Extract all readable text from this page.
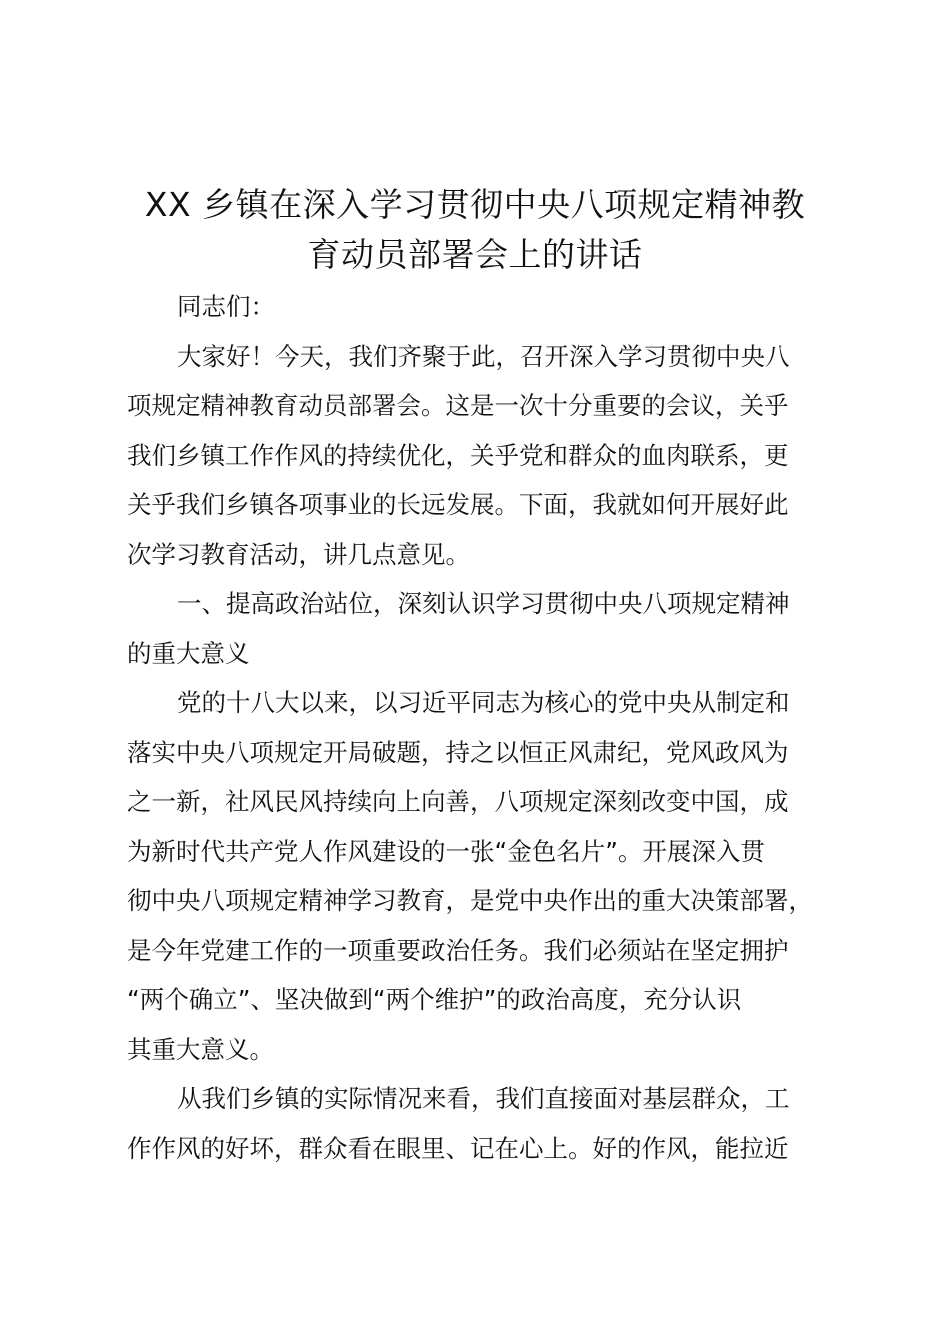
XX 乡镇在深入学习贯彻中央八项规定精神教
育动员部署会上的讲话
同志们：
大家好！今天，我们齐聚于此，召开深入学习贯彻中央八
项规定精神教育动员部署会。这是一次十分重要的会议，关乎
我们乡镇工作作风的持续优化，关乎党和群众的血肉联系，更
关乎我们乡镇各项事业的长远发展。下面，我就如何开展好此
次学习教育活动，讲几点意见。
一、提高政治站位，深刻认识学习贯彻中央八项规定精神
的重大意义
党的十八大以来，以习近平同志为核心的党中央从制定和
落实中央八项规定开局破题，持之以恒正风肃纪，党风政风为
之一新，社风民风持续向上向善，八项规定深刻改变中国，成
为新时代共产党人作风建设的一张“金色名片”。开展深入贯
彻中央八项规定精神学习教育，是党中央作出的重大决策部署，
是今年党建工作的一项重要政治任务。我们必须站在坚定拥护
“两个确立”、坚决做到“两个维护”的政治高度，充分认识
其重大意义。
从我们乡镇的实际情况来看，我们直接面对基层群众，工
作作风的好坏，群众看在眼里、记在心上。好的作风，能拉近
